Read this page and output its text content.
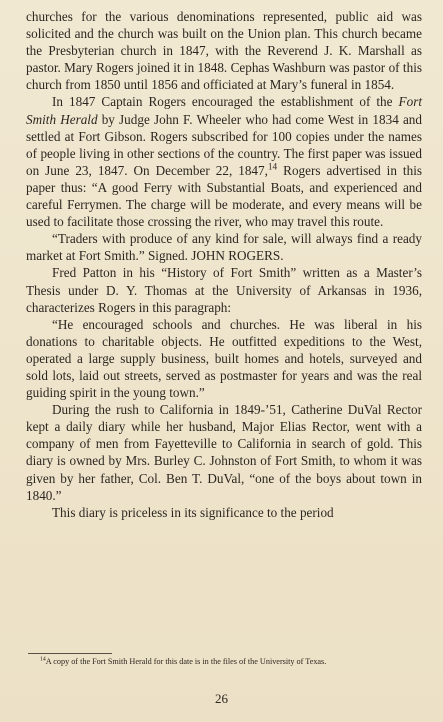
churches for the various denominations represented, public aid was solicited and the church was built on the Union plan. This church became the Presbyterian church in 1847, with the Reverend J. K. Marshall as pastor. Mary Rogers joined it in 1848. Cephas Washburn was pastor of this church from 1850 until 1856 and officiated at Mary’s funeral in 1854.

In 1847 Captain Rogers encouraged the establishment of the Fort Smith Herald by Judge John F. Wheeler who had come West in 1834 and settled at Fort Gibson. Rogers subscribed for 100 copies under the names of people living in other sections of the country. The first paper was issued on June 23, 1847. On December 22, 1847,14 Rogers advertised in this paper thus: “A good Ferry with Substantial Boats, and experienced and careful Ferrymen. The charge will be moderate, and every means will be used to facilitate those crossing the river, who may travel this route.

“Traders with produce of any kind for sale, will always find a ready market at Fort Smith.” Signed. JOHN ROGERS.

Fred Patton in his “History of Fort Smith” written as a Master’s Thesis under D. Y. Thomas at the University of Arkansas in 1936, characterizes Rogers in this paragraph:

“He encouraged schools and churches. He was liberal in his donations to charitable objects. He outfitted expeditions to the West, operated a large supply business, built homes and hotels, surveyed and sold lots, laid out streets, served as postmaster for years and was the real guiding spirit in the young town.”

During the rush to California in 1849-’51, Catherine DuVal Rector kept a daily diary while her husband, Major Elias Rector, went with a company of men from Fayetteville to California in search of gold. This diary is owned by Mrs. Burley C. Johnston of Fort Smith, to whom it was given by her father, Col. Ben T. DuVal, “one of the boys about town in 1840.”

This diary is priceless in its significance to the period

$^{14}$A copy of the Fort Smith Herald for this date is in the files of the University of Texas.
26
